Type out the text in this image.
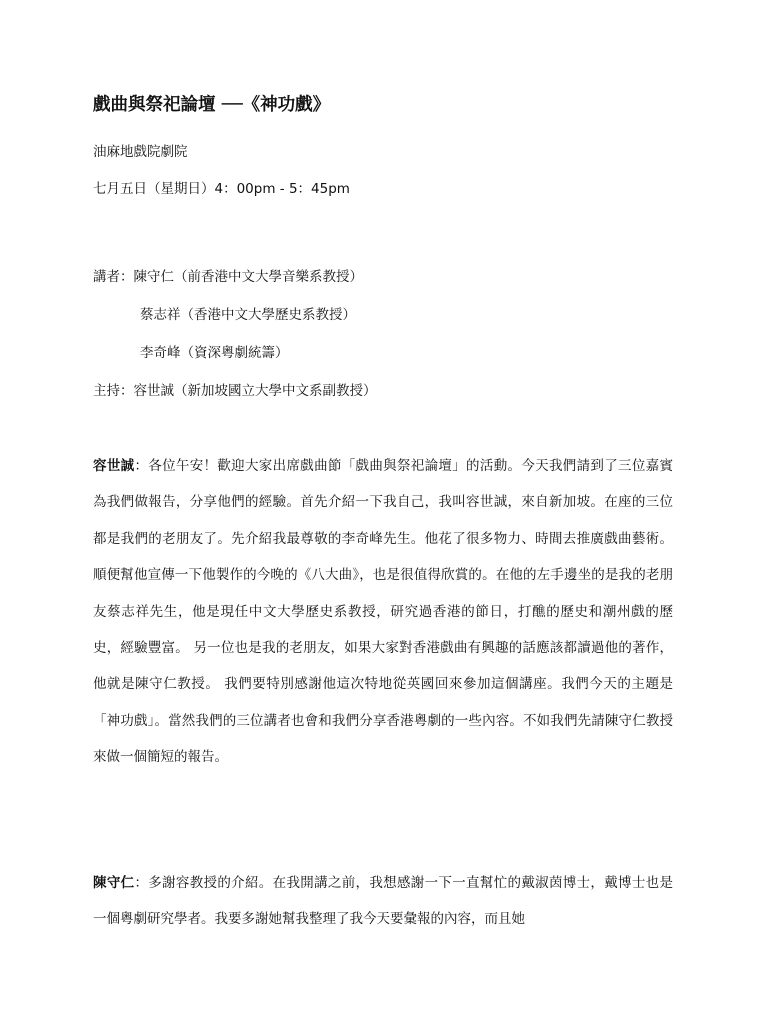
戲曲與祭祀論壇 ──《神功戲》
油麻地戲院劇院
七月五日（星期日）4：00pm - 5：45pm
講者：陳守仁（前香港中文大學音樂系教授）
蔡志祥（香港中文大學歷史系教授）
李奇峰（資深粵劇統籌）
主持：容世誠（新加坡國立大學中文系副教授）
容世誠：各位午安！歡迎大家出席戲曲節「戲曲與祭祀論壇」的活動。今天我們請到了三位嘉賓為我們做報告，分享他們的經驗。首先介紹一下我自己，我叫容世誠，來自新加坡。在座的三位都是我們的老朋友了。先介紹我最尊敬的李奇峰先生。他花了很多物力、時間去推廣戲曲藝術。順便幫他宣傳一下他製作的今晚的《八大曲》，也是很值得欣賞的。在他的左手邊坐的是我的老朋友蔡志祥先生，他是現任中文大學歷史系教授，研究過香港的節日，打醮的歷史和潮州戲的歷史，經驗豐富。 另一位也是我的老朋友，如果大家對香港戲曲有興趣的話應該都讀過他的著作，他就是陳守仁教授。 我們要特別感謝他這次特地從英國回來參加這個講座。我們今天的主題是「神功戲」。當然我們的三位講者也會和我們分享香港粵劇的一些內容。不如我們先請陳守仁教授來做一個簡短的報告。
陳守仁：多謝容教授的介紹。在我開講之前，我想感謝一下一直幫忙的戴淑茵博士，戴博士也是一個粵劇研究學者。我要多謝她幫我整理了我今天要彙報的內容，而且她
